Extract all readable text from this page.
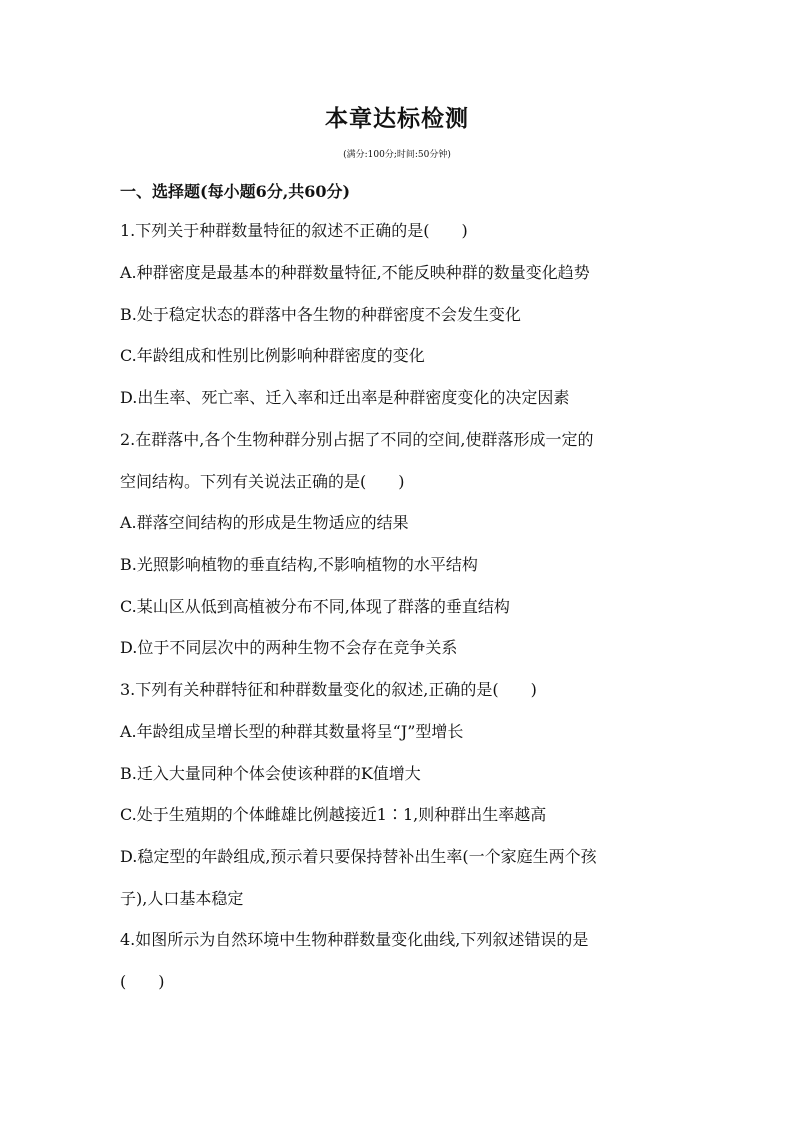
本章达标检测
(满分:100分;时间:50分钟)
一、选择题(每小题6分,共60分)
1.下列关于种群数量特征的叙述不正确的是(　　)
A.种群密度是最基本的种群数量特征,不能反映种群的数量变化趋势
B.处于稳定状态的群落中各生物的种群密度不会发生变化
C.年龄组成和性别比例影响种群密度的变化
D.出生率、死亡率、迁入率和迁出率是种群密度变化的决定因素
2.在群落中,各个生物种群分别占据了不同的空间,使群落形成一定的
空间结构。下列有关说法正确的是(　　)
A.群落空间结构的形成是生物适应的结果
B.光照影响植物的垂直结构,不影响植物的水平结构
C.某山区从低到高植被分布不同,体现了群落的垂直结构
D.位于不同层次中的两种生物不会存在竞争关系
3.下列有关种群特征和种群数量变化的叙述,正确的是(　　)
A.年龄组成呈增长型的种群其数量将呈“J”型增长
B.迁入大量同种个体会使该种群的K值增大
C.处于生殖期的个体雌雄比例越接近1∶1,则种群出生率越高
D.稳定型的年龄组成,预示着只要保持替补出生率(一个家庭生两个孩
子),人口基本稳定
4.如图所示为自然环境中生物种群数量变化曲线,下列叙述错误的是
(　　)
